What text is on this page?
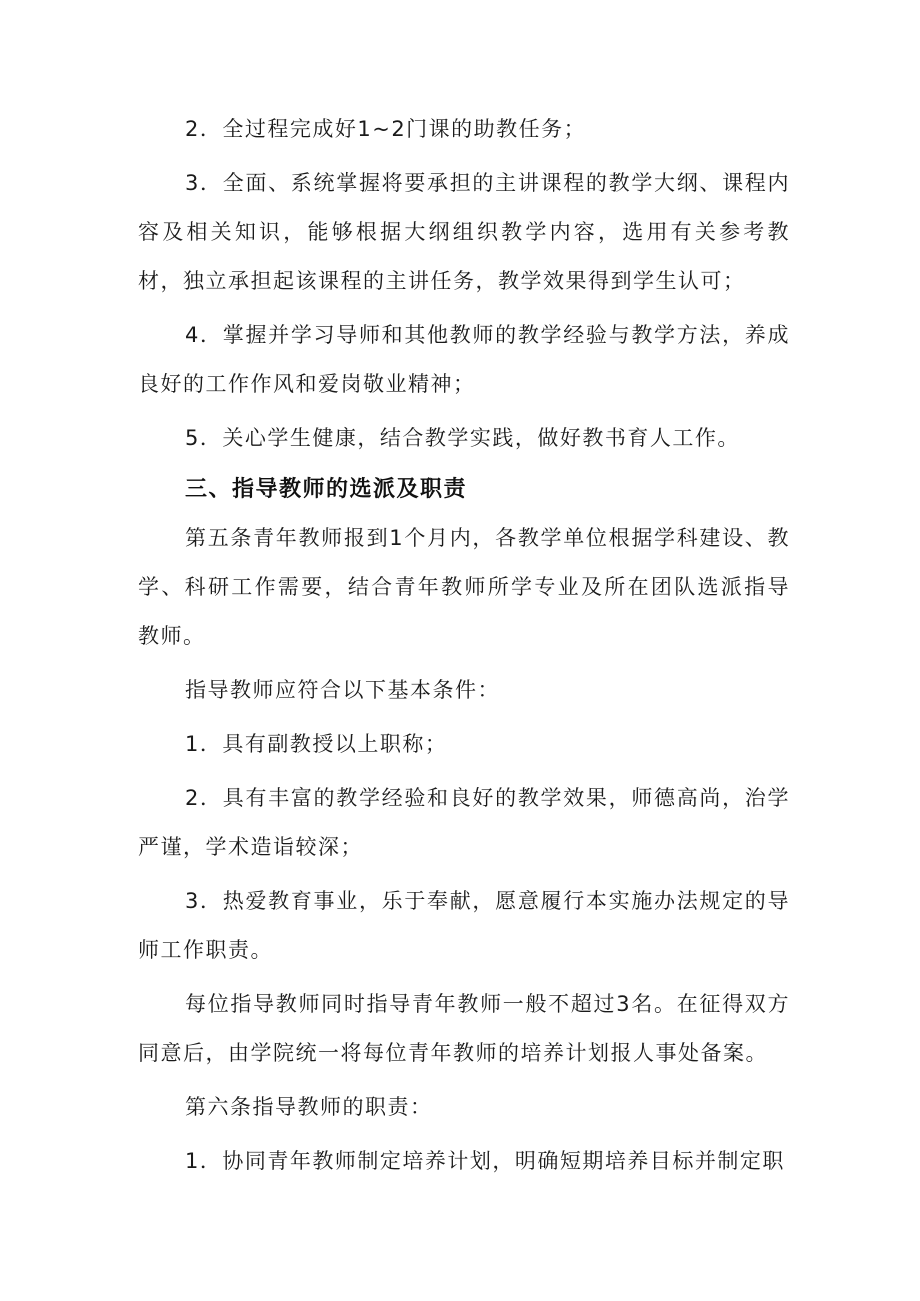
2．全过程完成好1~2门课的助教任务；

3．全面、系统掌握将要承担的主讲课程的教学大纲、课程内容及相关知识，能够根据大纲组织教学内容，选用有关参考教材，独立承担起该课程的主讲任务，教学效果得到学生认可；

4．掌握并学习导师和其他教师的教学经验与教学方法，养成良好的工作作风和爱岗敬业精神；

5．关心学生健康，结合教学实践，做好教书育人工作。

三、指导教师的选派及职责

第五条青年教师报到1个月内，各教学单位根据学科建设、教学、科研工作需要，结合青年教师所学专业及所在团队选派指导教师。

指导教师应符合以下基本条件：

1．具有副教授以上职称；

2．具有丰富的教学经验和良好的教学效果，师德高尚，治学严谨，学术造诣较深；

3．热爱教育事业，乐于奉献，愿意履行本实施办法规定的导师工作职责。

每位指导教师同时指导青年教师一般不超过3名。在征得双方同意后，由学院统一将每位青年教师的培养计划报人事处备案。

第六条指导教师的职责：

1．协同青年教师制定培养计划，明确短期培养目标并制定职
